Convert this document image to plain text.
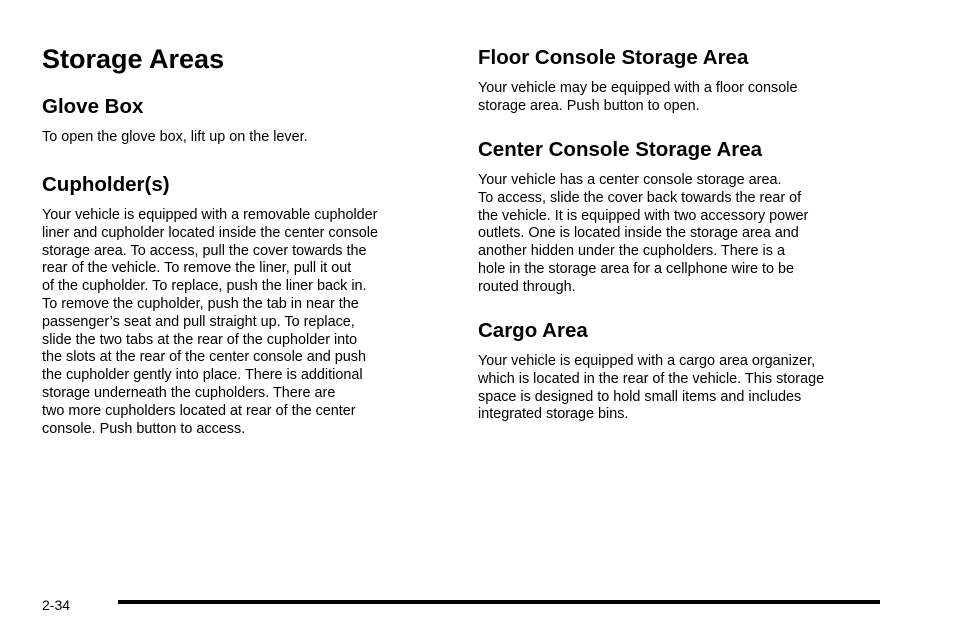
Storage Areas
Glove Box

To open the glove box, lift up on the lever.

Cupholder(s)

Your vehicle is equipped with a removable cupholder
liner and cupholder located inside the center console
storage area. To access, pull the cover towards the
rear of the vehicle. To remove the liner, pull it out
of the cupholder. To replace, push the liner back in.
To remove the cupholder, push the tab in near the
passenger’s seat and pull straight up. To replace,
slide the two tabs at the rear of the cupholder into
the slots at the rear of the center console and push
the cupholder gently into place. There is additional
storage underneath the cupholders. There are
two more cupholders located at rear of the center
console. Push button to access.

Floor Console Storage Area

Your vehicle may be equipped with a floor console
storage area. Push button to open.

Center Console Storage Area

Your vehicle has a center console storage area.
To access, slide the cover back towards the rear of
the vehicle. It is equipped with two accessory power
outlets. One is located inside the storage area and
another hidden under the cupholders. There is a
hole in the storage area for a cellphone wire to be
routed through.

Cargo Area

Your vehicle is equipped with a cargo area organizer,
which is located in the rear of the vehicle. This storage
space is designed to hold small items and includes
integrated storage bins.

2-34
